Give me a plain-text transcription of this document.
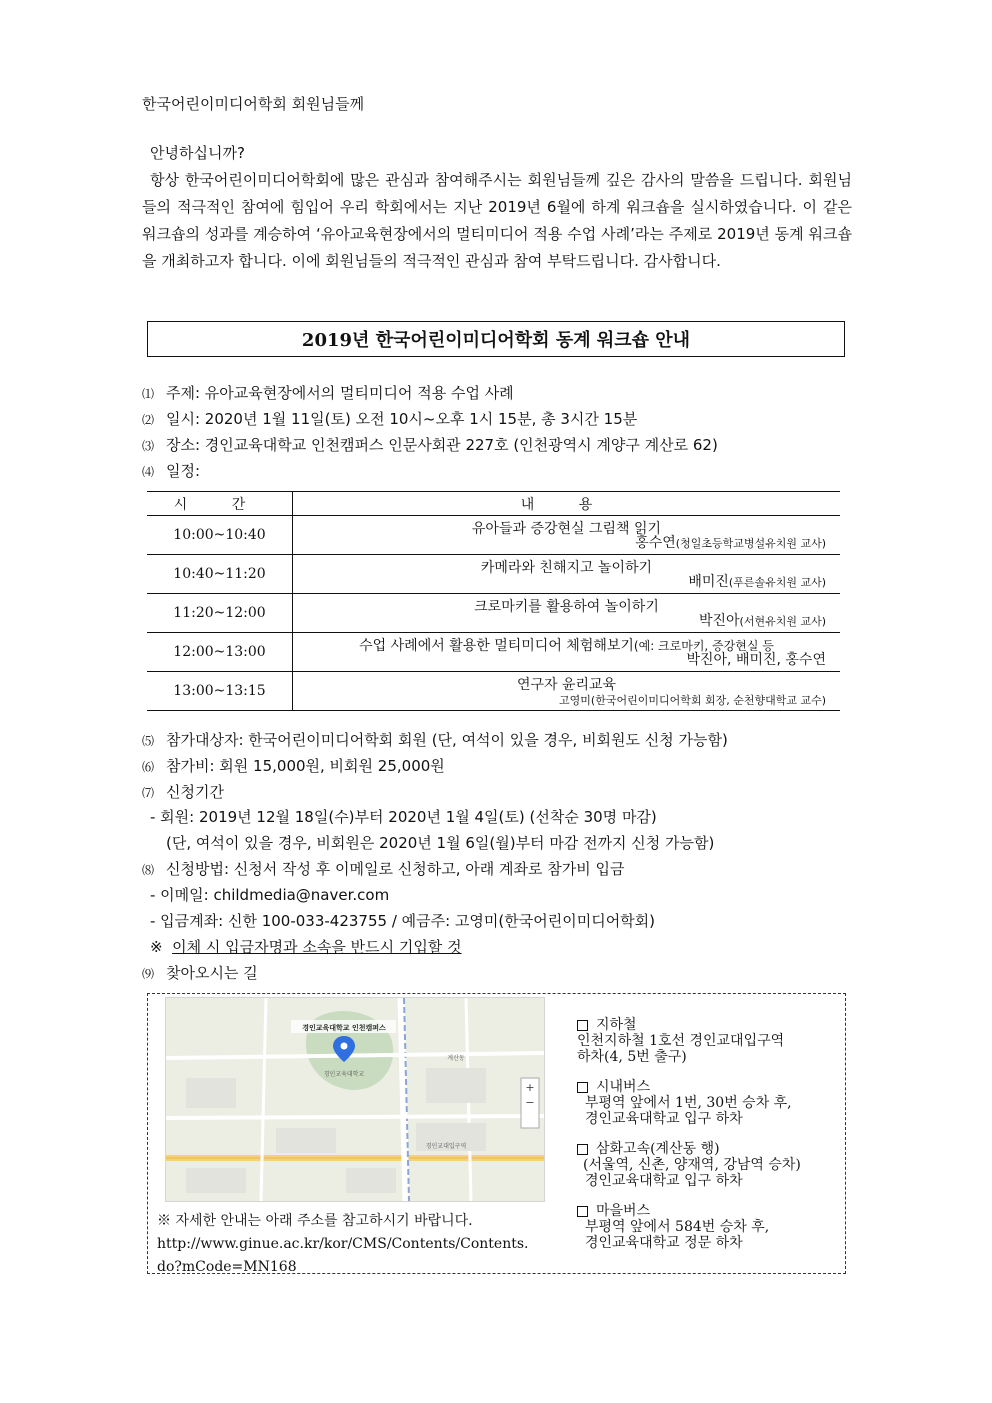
한국어린이미디어학회 회원님들께

안녕하십니까?

항상 한국어린이미디어학회에 많은 관심과 참여해주시는 회원님들께 깊은 감사의 말씀을 드립니다. 회원님들의 적극적인 참여에 힘입어 우리 학회에서는 지난 2019년 6월에 하계 워크숍을 실시하였습니다. 이 같은 워크숍의 성과를 계승하여 ‘유아교육현장에서의 멀티미디어 적용 수업 사례’라는 주제로 2019년 동계 워크숍을 개최하고자 합니다. 이에 회원님들의 적극적인 관심과 참여 부탁드립니다. 감사합니다.

2019년 한국어린이미디어학회 동계 워크숍 안내
⑴ 주제: 유아교육현장에서의 멀티미디어 적용 수업 사례
⑵ 일시: 2020년 1월 11일(토) 오전 10시~오후 1시 15분, 총 3시간 15분
⑶ 장소: 경인교육대학교 인천캠퍼스 인문사회관 227호 (인천광역시 계양구 계산로 62)
⑷ 일정:
시 간	내 용
10:00~10:40	유아들과 증강현실 그림책 읽기
홍수연(청일초등학교병설유치원 교사)

10:40~11:20	카메라와 친해지고 놀이하기
배미진(푸른솔유치원 교사)

11:20~12:00	크로마키를 활용하여 놀이하기
박진아(서현유치원 교사)

12:00~13:00	수업 사례에서 활용한 멀티미디어 체험해보기(예: 크로마키, 증강현실 등
박진아, 배미진, 홍수연

13:00~13:15	연구자 윤리교육
고영미(한국어린이미디어학회 회장, 순천향대학교 교수)
⑸ 참가대상자: 한국어린이미디어학회 회원 (단, 여석이 있을 경우, 비회원도 신청 가능함)
⑹ 참가비: 회원 15,000원, 비회원 25,000원
⑺ 신청기간
- 회원: 2019년 12월 18일(수)부터 2020년 1월 4일(토) (선착순 30명 마감)
(단, 여석이 있을 경우, 비회원은 2020년 1월 6일(월)부터 마감 전까지 신청 가능함)
⑻ 신청방법: 신청서 작성 후 이메일로 신청하고, 아래 계좌로 참가비 입금
- 이메일: childmedia@naver.com
- 입금계좌: 신한 100-033-423755 / 예금주: 고영미(한국어린이미디어학회)
※ 이체 시 입금자명과 소속을 반드시 기입할 것
⑼ 찾아오시는 길
+
−
경인교육대학교 인천캠퍼스
경인교육대학교
경인교대입구역
계산동
※ 자세한 안내는 아래 주소를 참고하시기 바랍니다.
http://www.ginue.ac.kr/kor/CMS/Contents/Contents.
do?mCode=MN168
지하철
인천지하철 1호선 경인교대입구역
하차(4, 5번 출구)
시내버스
부평역 앞에서 1번, 30번 승차 후,
경인교육대학교 입구 하차
삼화고속(계산동 행)
(서울역, 신촌, 양재역, 강남역 승차)
경인교육대학교 입구 하차
마을버스
부평역 앞에서 584번 승차 후,
경인교육대학교 정문 하차
